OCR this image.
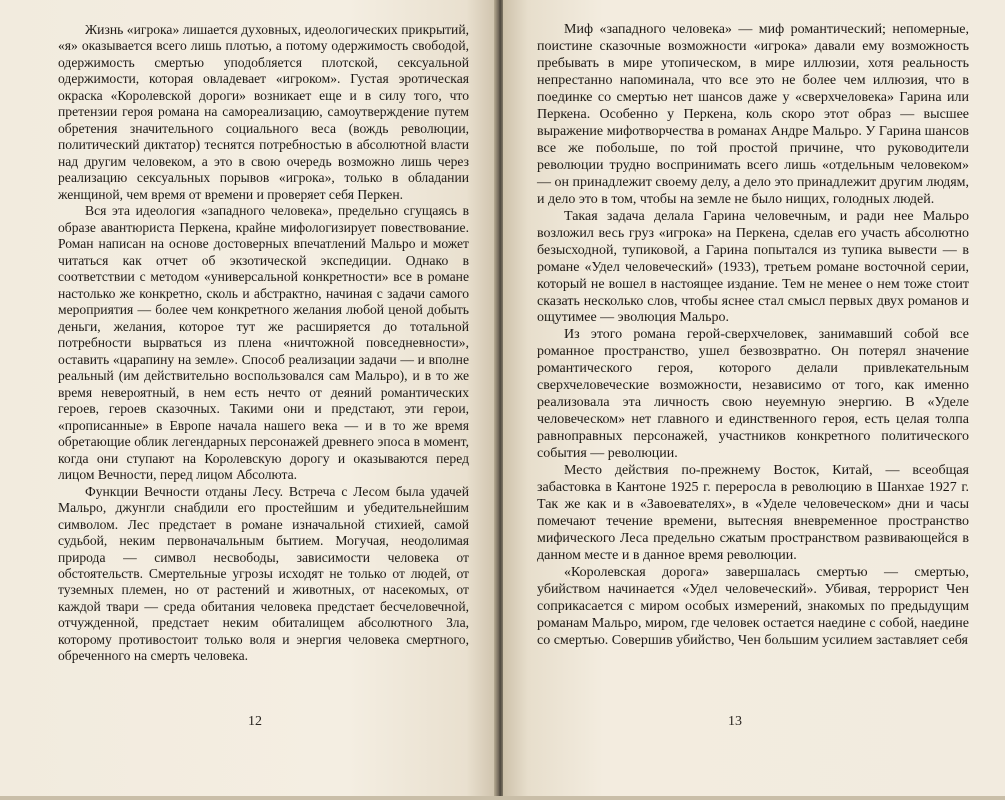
Жизнь «игрока» лишается духовных, идеологических прикрытий, «я» оказывается всего лишь плотью, а потому одержимость свободой, одержимость смертью уподобляется плотской, сексуальной одержимости, которая овладевает «игроком». Густая эротическая окраска «Королевской дороги» возникает еще и в силу того, что претензии героя романа на самореализацию, самоутверждение путем обретения значительного социального веса (вождь революции, политический диктатор) теснятся потребностью в абсолютной власти над другим человеком, а это в свою очередь возможно лишь через реализацию сексуальных порывов «игрока», только в обладании женщиной, чем время от времени и проверяет себя Перкен.

Вся эта идеология «западного человека», предельно сгущаясь в образе авантюриста Перкена, крайне мифологизирует повествование. Роман написан на основе достоверных впечатлений Мальро и может читаться как отчет об экзотической экспедиции. Однако в соответствии с методом «универсальной конкретности» все в романе настолько же конкретно, сколь и абстрактно, начиная с задачи самого мероприятия — более чем конкретного желания любой ценой добыть деньги, желания, которое тут же расширяется до тотальной потребности вырваться из плена «ничтожной повседневности», оставить «царапину на земле». Способ реализации задачи — и вполне реальный (им действительно воспользовался сам Мальро), и в то же время невероятный, в нем есть нечто от деяний романтических героев, героев сказочных. Такими они и предстают, эти герои, «прописанные» в Европе начала нашего века — и в то же время обретающие облик легендарных персонажей древнего эпоса в момент, когда они ступают на Королевскую дорогу и оказываются перед лицом Вечности, перед лицом Абсолюта.

Функции Вечности отданы Лесу. Встреча с Лесом была удачей Мальро, джунгли снабдили его простейшим и убедительнейшим символом. Лес предстает в романе изначальной стихией, самой судьбой, неким первоначальным бытием. Могучая, неодолимая природа — символ несвободы, зависимости человека от обстоятельств. Смертельные угрозы исходят не только от людей, от туземных племен, но от растений и животных, от насекомых, от каждой твари — среда обитания человека предстает бесчеловечной, отчужденной, предстает неким обиталищем абсолютного Зла, которому противостоит только воля и энергия человека смертного, обреченного на смерть человека.

12

Миф «западного человека» — миф романтический; непомерные, поистине сказочные возможности «игрока» давали ему возможность пребывать в мире утопическом, в мире иллюзии, хотя реальность непрестанно напоминала, что все это не более чем иллюзия, что в поединке со смертью нет шансов даже у «сверхчеловека» Гарина или Перкена. Особенно у Перкена, коль скоро этот образ — высшее выражение мифотворчества в романах Андре Мальро. У Гарина шансов все же побольше, по той простой причине, что руководители революции трудно воспринимать всего лишь «отдельным человеком» — он принадлежит своему делу, а дело это принадлежит другим людям, и дело это в том, чтобы на земле не было нищих, голодных людей.

Такая задача делала Гарина человечным, и ради нее Мальро возложил весь груз «игрока» на Перкена, сделав его участь абсолютно безысходной, тупиковой, а Гарина попытался из тупика вывести — в романе «Удел человеческий» (1933), третьем романе восточной серии, который не вошел в настоящее издание. Тем не менее о нем тоже стоит сказать несколько слов, чтобы яснее стал смысл первых двух романов и ощутимее — эволюция Мальро.

Из этого романа герой-сверхчеловек, занимавший собой все романное пространство, ушел безвозвратно. Он потерял значение романтического героя, которого делали привлекательным сверхчеловеческие возможности, независимо от того, как именно реализовала эта личность свою неуемную энергию. В «Уделе человеческом» нет главного и единственного героя, есть целая толпа равноправных персонажей, участников конкретного политического события — революции.

Место действия по-прежнему Восток, Китай, — всеобщая забастовка в Кантоне 1925 г. переросла в революцию в Шанхае 1927 г. Так же как и в «Завоевателях», в «Уделе человеческом» дни и часы помечают течение времени, вытесняя вневременное пространство мифического Леса предельно сжатым пространством развивающейся в данном месте и в данное время революции.

«Королевская дорога» завершалась смертью — смертью, убийством начинается «Удел человеческий». Убивая, террорист Чен соприкасается с миром особых измерений, знакомых по предыдущим романам Мальро, миром, где человек остается наедине с собой, наедине со смертью. Совершив убийство, Чен большим усилием заставляет себя

13
